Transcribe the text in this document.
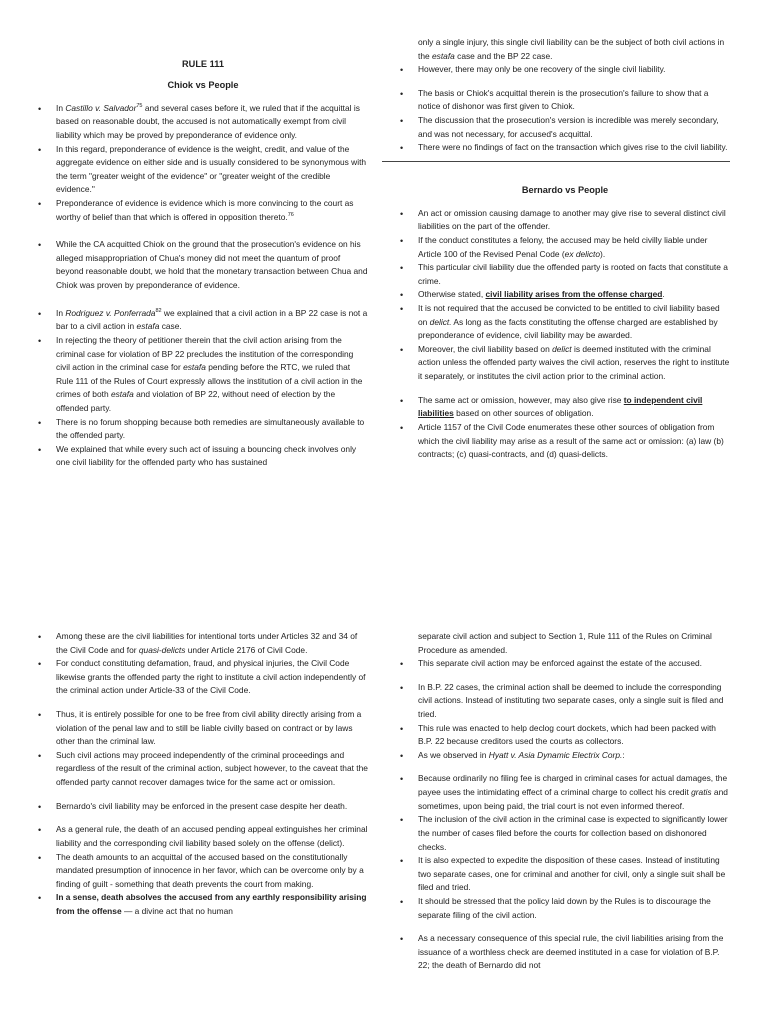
RULE 111
Chiok vs People
• In Castillo v. Salvador$^{75}$ and several cases before it, we ruled that if the acquittal is based on reasonable doubt, the accused is not automatically exempt from civil liability which may be proved by preponderance of evidence only.
• In this regard, preponderance of evidence is the weight, credit, and value of the aggregate evidence on either side and is usually considered to be synonymous with the term "greater weight of the evidence" or "greater weight of the credible evidence."
• Preponderance of evidence is evidence which is more convincing to the court as worthy of belief than that which is offered in opposition thereto.$^{76}$
• While the CA acquitted Chiok on the ground that the prosecution's evidence on his alleged misappropriation of Chua's money did not meet the quantum of proof beyond reasonable doubt, we hold that the monetary transaction between Chua and Chiok was proven by preponderance of evidence.
• In Rodriguez v. Ponferrada$^{82}$ we explained that a civil action in a BP 22 case is not a bar to a civil action in estafa case.
• In rejecting the theory of petitioner therein that the civil action arising from the criminal case for violation of BP 22 precludes the institution of the corresponding civil action in the criminal case for estafa pending before the RTC, we ruled that Rule 111 of the Rules of Court expressly allows the institution of a civil action in the crimes of both estafa and violation of BP 22, without need of election by the offended party.
• There is no forum shopping because both remedies are simultaneously available to the offended party.
• We explained that while every such act of issuing a bouncing check involves only one civil liability for the offended party who has sustained
only a single injury, this single civil liability can be the subject of both civil actions in the estafa case and the BP 22 case.
• However, there may only be one recovery of the single civil liability.
• The basis or Chiok's acquittal therein is the prosecution's failure to show that a notice of dishonor was first given to Chiok.
• The discussion that the prosecution's version is incredible was merely secondary, and was not necessary, for accused's acquittal.
• There were no findings of fact on the transaction which gives rise to the civil liability.
Bernardo vs People
• An act or omission causing damage to another may give rise to several distinct civil liabilities on the part of the offender.
• If the conduct constitutes a felony, the accused may be held civilly liable under Article 100 of the Revised Penal Code (ex delicto).
• This particular civil liability due the offended party is rooted on facts that constitute a crime.
• Otherwise stated, civil liability arises from the offense charged.
• It is not required that the accused be convicted to be entitled to civil liability based on delict. As long as the facts constituting the offense charged are established by preponderance of evidence, civil liability may be awarded.
• Moreover, the civil liability based on delict is deemed instituted with the criminal action unless the offended party waives the civil action, reserves the right to institute it separately, or institutes the civil action prior to the criminal action.
• The same act or omission, however, may also give rise to independent civil liabilities based on other sources of obligation.
• Article 1157 of the Civil Code enumerates these other sources of obligation from which the civil liability may arise as a result of the same act or omission: (a) law (b) contracts; (c) quasi-contracts, and (d) quasi-delicts.
• Among these are the civil liabilities for intentional torts under Articles 32 and 34 of the Civil Code and for quasi-delicts under Article 2176 of Civil Code.
• For conduct constituting defamation, fraud, and physical injuries, the Civil Code likewise grants the offended party the right to institute a civil action independently of the criminal action under Article-33 of the Civil Code.
• Thus, it is entirely possible for one to be free from civil ability directly arising from a violation of the penal law and to still be liable civilly based on contract or by laws other than the criminal law.
• Such civil actions may proceed independently of the criminal proceedings and regardless of the result of the criminal action, subject however, to the caveat that the offended party cannot recover damages twice for the same act or omission.
• Bernardo's civil liability may be enforced in the present case despite her death.
• As a general rule, the death of an accused pending appeal extinguishes her criminal liability and the corresponding civil liability based solely on the offense (delict).
• The death amounts to an acquittal of the accused based on the constitutionally mandated presumption of innocence in her favor, which can be overcome only by a finding of guilt - something that death prevents the court from making.
• In a sense, death absolves the accused from any earthly responsibility arising from the offense — a divine act that no human
separate civil action and subject to Section 1, Rule 111 of the Rules on Criminal Procedure as amended.
• This separate civil action may be enforced against the estate of the accused.
• In B.P. 22 cases, the criminal action shall be deemed to include the corresponding civil actions. Instead of instituting two separate cases, only a single suit is filed and tried.
• This rule was enacted to help declog court dockets, which had been packed with B.P. 22 because creditors used the courts as collectors.
• As we observed in Hyatt v. Asia Dynamic Electrix Corp.:
• Because ordinarily no filing fee is charged in criminal cases for actual damages, the payee uses the intimidating effect of a criminal charge to collect his credit gratis and sometimes, upon being paid, the trial court is not even informed thereof.
• The inclusion of the civil action in the criminal case is expected to significantly lower the number of cases filed before the courts for collection based on dishonored checks.
• It is also expected to expedite the disposition of these cases. Instead of instituting two separate cases, one for criminal and another for civil, only a single suit shall be filed and tried.
• It should be stressed that the policy laid down by the Rules is to discourage the separate filing of the civil action.
• As a necessary consequence of this special rule, the civil liabilities arising from the issuance of a worthless check are deemed instituted in a case for violation of B.P. 22; the death of Bernardo did not
